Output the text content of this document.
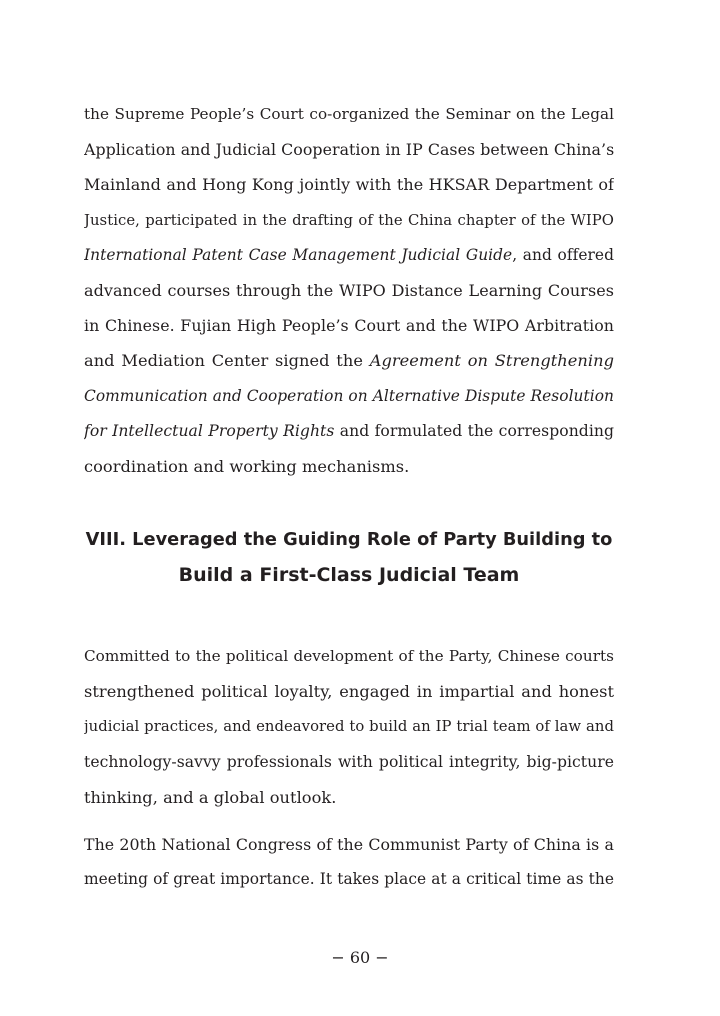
the Supreme People’s Court co-organized the Seminar on the Legal
Application and Judicial Cooperation in IP Cases between China’s
Mainland and Hong Kong jointly with the HKSAR Department of
Justice, participated in the drafting of the China chapter of the WIPO
International Patent Case Management Judicial Guide, and offered
advanced courses through the WIPO Distance Learning Courses
in Chinese. Fujian High People’s Court and the WIPO Arbitration
and Mediation Center signed the Agreement on Strengthening
Communication and Cooperation on Alternative Dispute Resolution
for Intellectual Property Rights and formulated the corresponding
coordination and working mechanisms.
VIII. Leveraged the Guiding Role of Party Building to
Build a First-Class Judicial Team
Committed to the political development of the Party, Chinese courts
strengthened political loyalty, engaged in impartial and honest
judicial practices, and endeavored to build an IP trial team of law and
technology-savvy professionals with political integrity, big-picture
thinking, and a global outlook.
The 20th National Congress of the Communist Party of China is a
meeting of great importance. It takes place at a critical time as the
− 60 −
